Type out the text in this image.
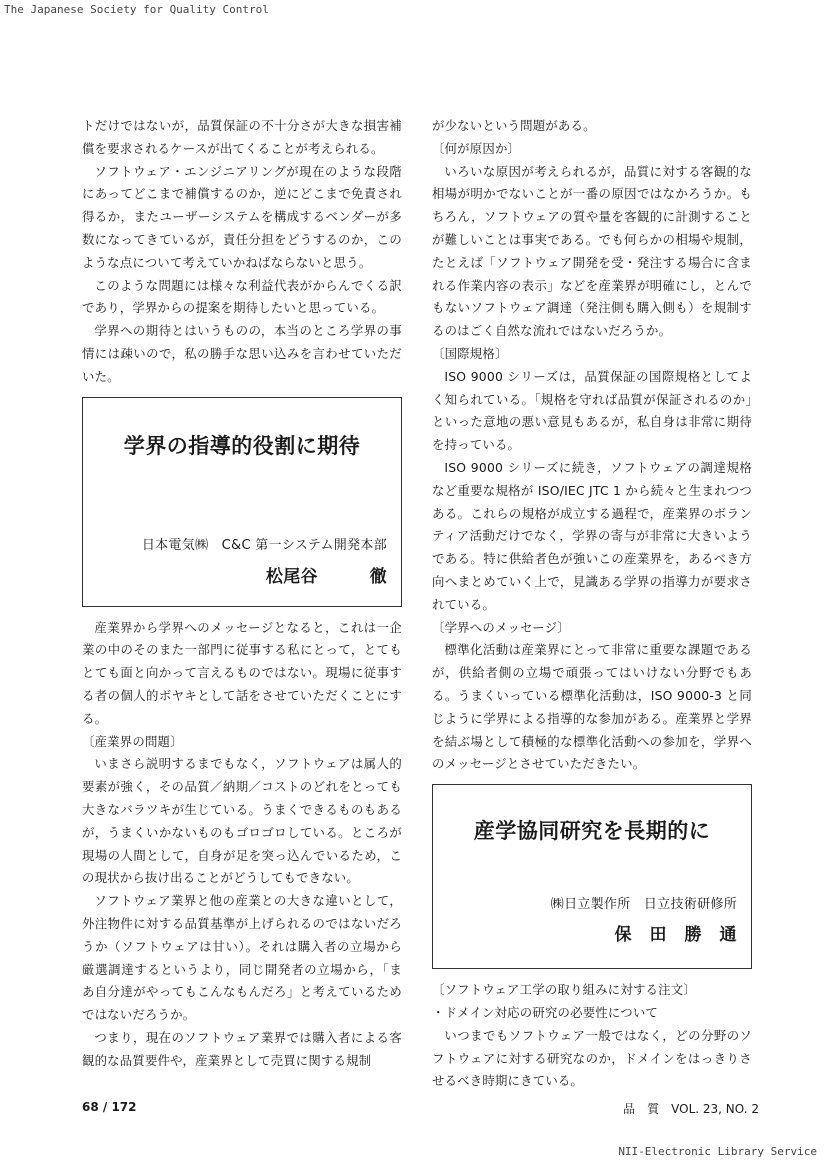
The Japanese Society for Quality Control

トだけではないが，品質保証の不十分さが大きな損害補償を要求されるケースが出てくることが考えられる。

ソフトウェア・エンジニアリングが現在のような段階にあってどこまで補償するのか，逆にどこまで免責され得るか，またユーザーシステムを構成するベンダーが多数になってきているが，責任分担をどうするのか，このような点について考えていかねばならないと思う。

このような問題には様々な利益代表がからんでくる訳であり，学界からの提案を期待したいと思っている。

学界への期待とはいうものの，本当のところ学界の事情には疎いので，私の勝手な思い込みを言わせていただいた。

学界の指導的役割に期待
日本電気㈱　C&C 第一システム開発本部
松尾谷　　　徹

産業界から学界へのメッセージとなると，これは一企業の中のそのまた一部門に従事する私にとって，とてもとても面と向かって言えるものではない。現場に従事する者の個人的ボヤキとして話をさせていただくことにする。

〔産業界の問題〕

いまさら説明するまでもなく，ソフトウェアは属人的要素が強く，その品質／納期／コストのどれをとっても大きなバラツキが生じている。うまくできるものもあるが，うまくいかないものもゴロゴロしている。ところが現場の人間として，自身が足を突っ込んでいるため，この現状から抜け出ることがどうしてもできない。

ソフトウェア業界と他の産業との大きな違いとして，外注物件に対する品質基準が上げられるのではないだろうか（ソフトウェアは甘い）。それは購入者の立場から厳選調達するというより，同じ開発者の立場から，「まあ自分達がやってもこんなもんだろ」と考えているためではないだろうか。

つまり，現在のソフトウェア業界では購入者による客観的な品質要件や，産業界として売買に関する規制

が少ないという問題がある。

〔何が原因か〕

いろいな原因が考えられるが，品質に対する客観的な相場が明かでないことが一番の原因ではなかろうか。もちろん，ソフトウェアの質や量を客観的に計測することが難しいことは事実である。でも何らかの相場や規制，たとえば「ソフトウェア開発を受・発注する場合に含まれる作業内容の表示」などを産業界が明確にし，とんでもないソフトウェア調達（発注側も購入側も）を規制するのはごく自然な流れではないだろうか。

〔国際規格〕

ISO 9000 シリーズは，品質保証の国際規格としてよく知られている。「規格を守れば品質が保証されるのか」といった意地の悪い意見もあるが，私自身は非常に期待を持っている。

ISO 9000 シリーズに続き，ソフトウェアの調達規格など重要な規格が ISO/IEC JTC 1 から続々と生まれつつある。これらの規格が成立する過程で，産業界のボランティア活動だけでなく，学界の寄与が非常に大きいようである。特に供給者色が強いこの産業界を，あるべき方向へまとめていく上で，見識ある学界の指導力が要求されている。

〔学界へのメッセージ〕

標準化活動は産業界にとって非常に重要な課題であるが，供給者側の立場で頑張ってはいけない分野でもある。うまくいっている標準化活動は，ISO 9000-3 と同じように学界による指導的な参加がある。産業界と学界を結ぶ場として積極的な標準化活動への参加を，学界へのメッセージとさせていただきたい。

産学協同研究を長期的に
㈱日立製作所　日立技術研修所
保　田　勝　通

〔ソフトウェア工学の取り組みに対する注文〕

・ドメイン対応の研究の必要性について

いつまでもソフトウェア一般ではなく，どの分野のソフトウェアに対する研究なのか，ドメインをはっきりさせるべき時期にきている。

68 / 172	品　質　VOL. 23, NO. 2
NII-Electronic Library Service
